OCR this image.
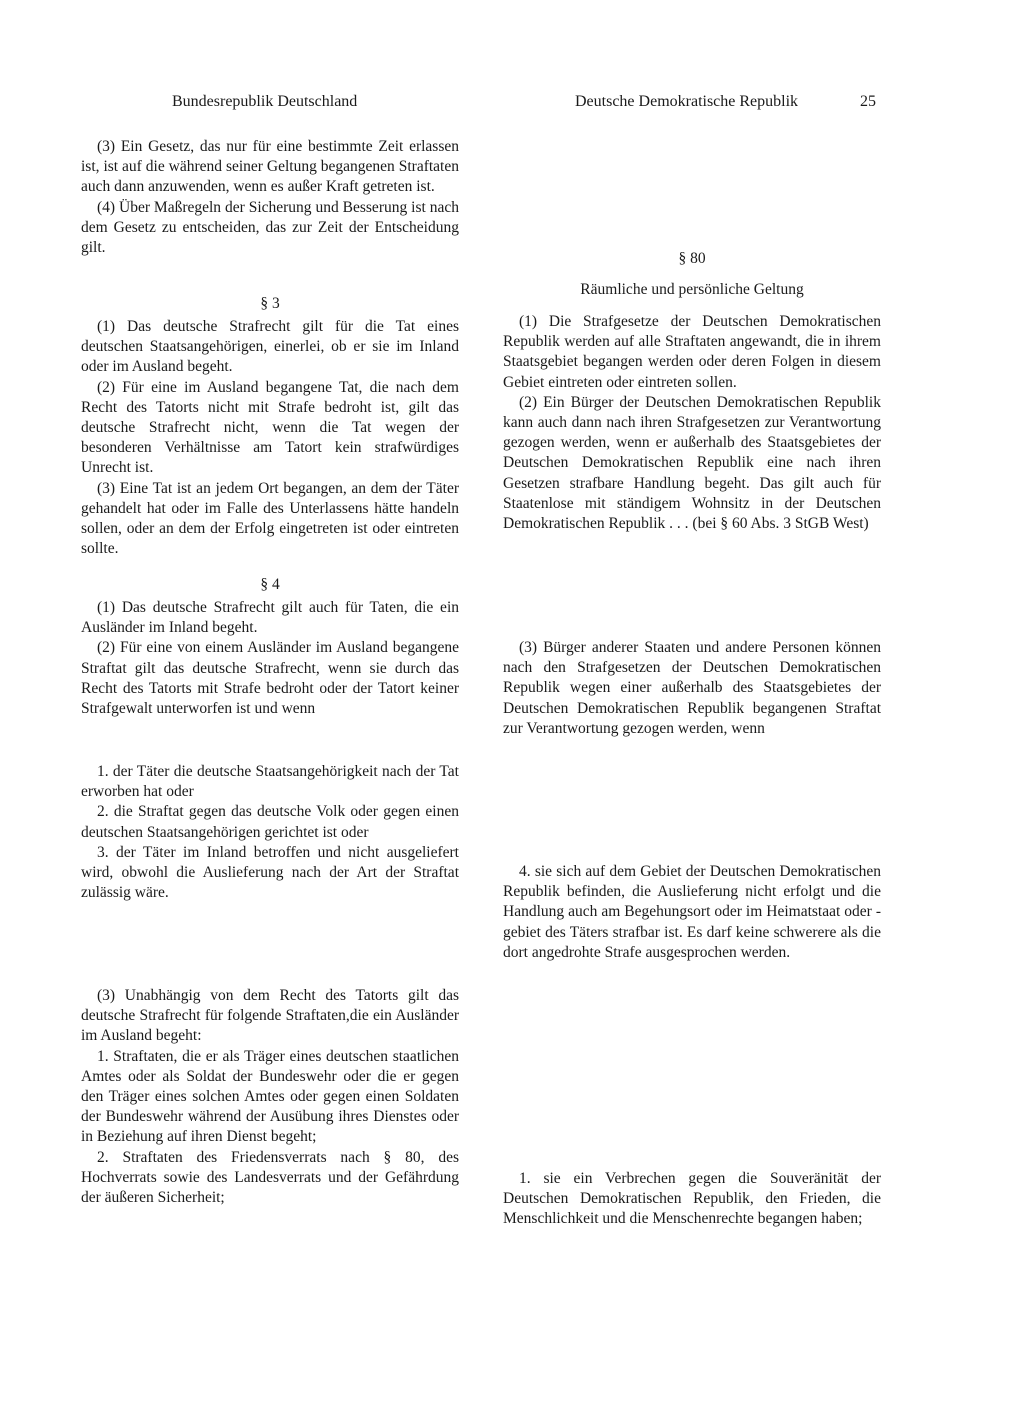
Bundesrepublik Deutschland	Deutsche Demokratische Republik	25

(3) Ein Gesetz, das nur für eine bestimmte Zeit erlassen ist, ist auf die während seiner Geltung begangenen Straftaten auch dann anzuwenden, wenn es außer Kraft getreten ist.

(4) Über Maßregeln der Sicherung und Besserung ist nach dem Gesetz zu entscheiden, das zur Zeit der Entscheidung gilt.

§ 3

(1) Das deutsche Strafrecht gilt für die Tat eines deutschen Staatsangehörigen, einerlei, ob er sie im Inland oder im Ausland begeht.

(2) Für eine im Ausland begangene Tat, die nach dem Recht des Tatorts nicht mit Strafe bedroht ist, gilt das deutsche Strafrecht nicht, wenn die Tat wegen der besonderen Verhältnisse am Tatort kein strafwürdiges Unrecht ist.

(3) Eine Tat ist an jedem Ort begangen, an dem der Täter gehandelt hat oder im Falle des Unterlassens hätte handeln sollen, oder an dem der Erfolg eingetreten ist oder eintreten sollte.

§ 4

(1) Das deutsche Strafrecht gilt auch für Taten, die ein Ausländer im Inland begeht.

(2) Für eine von einem Ausländer im Ausland begangene Straftat gilt das deutsche Strafrecht, wenn sie durch das Recht des Tatorts mit Strafe bedroht oder der Tatort keiner Strafgewalt unterworfen ist und wenn

1. der Täter die deutsche Staatsangehörigkeit nach der Tat erworben hat oder

2. die Straftat gegen das deutsche Volk oder gegen einen deutschen Staatsangehörigen gerichtet ist oder

3. der Täter im Inland betroffen und nicht ausgeliefert wird, obwohl die Auslieferung nach der Art der Straftat zulässig wäre.

(3) Unabhängig von dem Recht des Tatorts gilt das deutsche Strafrecht für folgende Straftaten,die ein Ausländer im Ausland begeht:

1. Straftaten, die er als Träger eines deutschen staatlichen Amtes oder als Soldat der Bundeswehr oder die er gegen den Träger eines solchen Amtes oder gegen einen Soldaten der Bundeswehr während der Ausübung ihres Dienstes oder in Beziehung auf ihren Dienst begeht;

2. Straftaten des Friedensverrats nach § 80, des Hochverrats sowie des Landesverrats und der Gefährdung der äußeren Sicherheit;

§ 80

Räumliche und persönliche Geltung

(1) Die Strafgesetze der Deutschen Demokratischen Republik werden auf alle Straftaten angewandt, die in ihrem Staatsgebiet begangen werden oder deren Folgen in diesem Gebiet eintreten oder eintreten sollen.

(2) Ein Bürger der Deutschen Demokratischen Republik kann auch dann nach ihren Strafgesetzen zur Verantwortung gezogen werden, wenn er außerhalb des Staatsgebietes der Deutschen Demokratischen Republik eine nach ihren Gesetzen strafbare Handlung begeht. Das gilt auch für Staatenlose mit ständigem Wohnsitz in der Deutschen Demokratischen Republik . . . (bei § 60 Abs. 3 StGB West)

(3) Bürger anderer Staaten und andere Personen können nach den Strafgesetzen der Deutschen Demokratischen Republik wegen einer außerhalb des Staatsgebietes der Deutschen Demokratischen Republik begangenen Straftat zur Verantwortung gezogen werden, wenn

4. sie sich auf dem Gebiet der Deutschen Demokratischen Republik befinden, die Auslieferung nicht erfolgt und die Handlung auch am Begehungsort oder im Heimatstaat oder -gebiet des Täters strafbar ist. Es darf keine schwerere als die dort angedrohte Strafe ausgesprochen werden.

1. sie ein Verbrechen gegen die Souveränität der Deutschen Demokratischen Republik, den Frieden, die Menschlichkeit und die Menschenrechte begangen haben;
